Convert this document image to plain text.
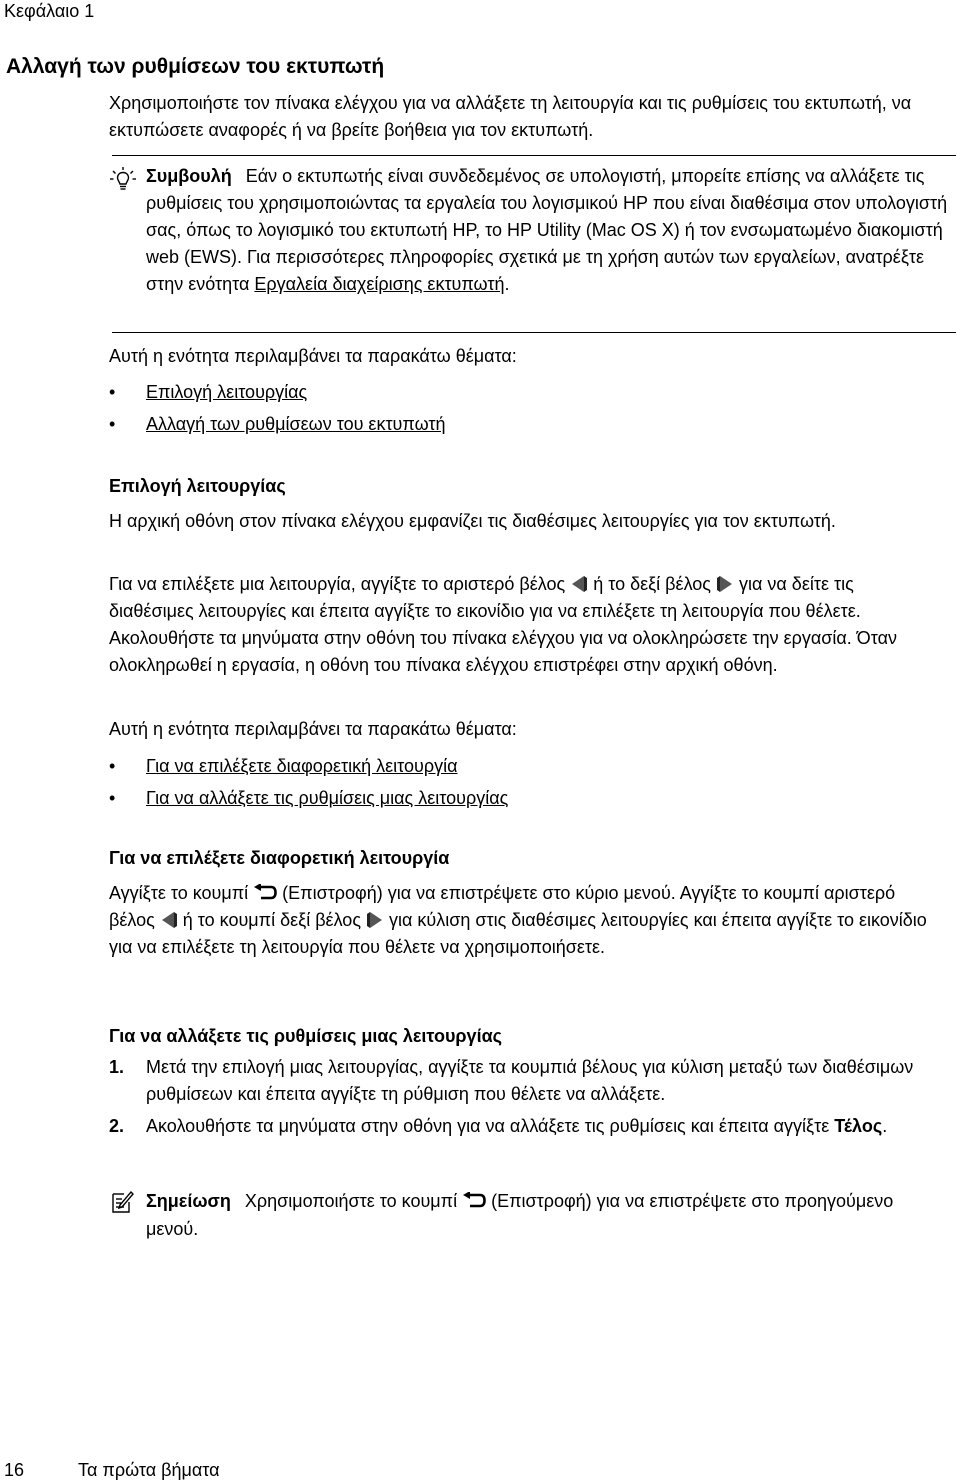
Κεφάλαιο 1
Αλλαγή των ρυθμίσεων του εκτυπωτή
Χρησιμοποιήστε τον πίνακα ελέγχου για να αλλάξετε τη λειτουργία και τις ρυθμίσεις του εκτυπωτή, να εκτυπώσετε αναφορές ή να βρείτε βοήθεια για τον εκτυπωτή.
Συμβουλή Εάν ο εκτυπωτής είναι συνδεδεμένος σε υπολογιστή, μπορείτε επίσης να αλλάξετε τις ρυθμίσεις του χρησιμοποιώντας τα εργαλεία του λογισμικού HP που είναι διαθέσιμα στον υπολογιστή σας, όπως το λογισμικό του εκτυπωτή HP, το HP Utility (Mac OS X) ή τον ενσωματωμένο διακομιστή web (EWS). Για περισσότερες πληροφορίες σχετικά με τη χρήση αυτών των εργαλείων, ανατρέξτε στην ενότητα Εργαλεία διαχείρισης εκτυπωτή.
Αυτή η ενότητα περιλαμβάνει τα παρακάτω θέματα:
• Επιλογή λειτουργίας
• Αλλαγή των ρυθμίσεων του εκτυπωτή
Επιλογή λειτουργίας
Η αρχική οθόνη στον πίνακα ελέγχου εμφανίζει τις διαθέσιμες λειτουργίες για τον εκτυπωτή.
Για να επιλέξετε μια λειτουργία, αγγίξτε το αριστερό βέλος  ή το δεξί βέλος  για να δείτε τις διαθέσιμες λειτουργίες και έπειτα αγγίξτε το εικονίδιο για να επιλέξετε τη λειτουργία που θέλετε. Ακολουθήστε τα μηνύματα στην οθόνη του πίνακα ελέγχου για να ολοκληρώσετε την εργασία. Όταν ολοκληρωθεί η εργασία, η οθόνη του πίνακα ελέγχου επιστρέφει στην αρχική οθόνη.
Αυτή η ενότητα περιλαμβάνει τα παρακάτω θέματα:
• Για να επιλέξετε διαφορετική λειτουργία
• Για να αλλάξετε τις ρυθμίσεις μιας λειτουργίας
Για να επιλέξετε διαφορετική λειτουργία
Αγγίξτε το κουμπί  (Επιστροφή) για να επιστρέψετε στο κύριο μενού. Αγγίξτε το κουμπί αριστερό βέλος  ή το κουμπί δεξί βέλος  για κύλιση στις διαθέσιμες λειτουργίες και έπειτα αγγίξτε το εικονίδιο για να επιλέξετε τη λειτουργία που θέλετε να χρησιμοποιήσετε.
Για να αλλάξετε τις ρυθμίσεις μιας λειτουργίας
1. Μετά την επιλογή μιας λειτουργίας, αγγίξτε τα κουμπιά βέλους για κύλιση μεταξύ των διαθέσιμων ρυθμίσεων και έπειτα αγγίξτε τη ρύθμιση που θέλετε να αλλάξετε.
2. Ακολουθήστε τα μηνύματα στην οθόνη για να αλλάξετε τις ρυθμίσεις και έπειτα αγγίξτε Τέλος.
Σημείωση Χρησιμοποιήστε το κουμπί  (Επιστροφή) για να επιστρέψετε στο προηγούμενο μενού.
16	Τα πρώτα βήματα
